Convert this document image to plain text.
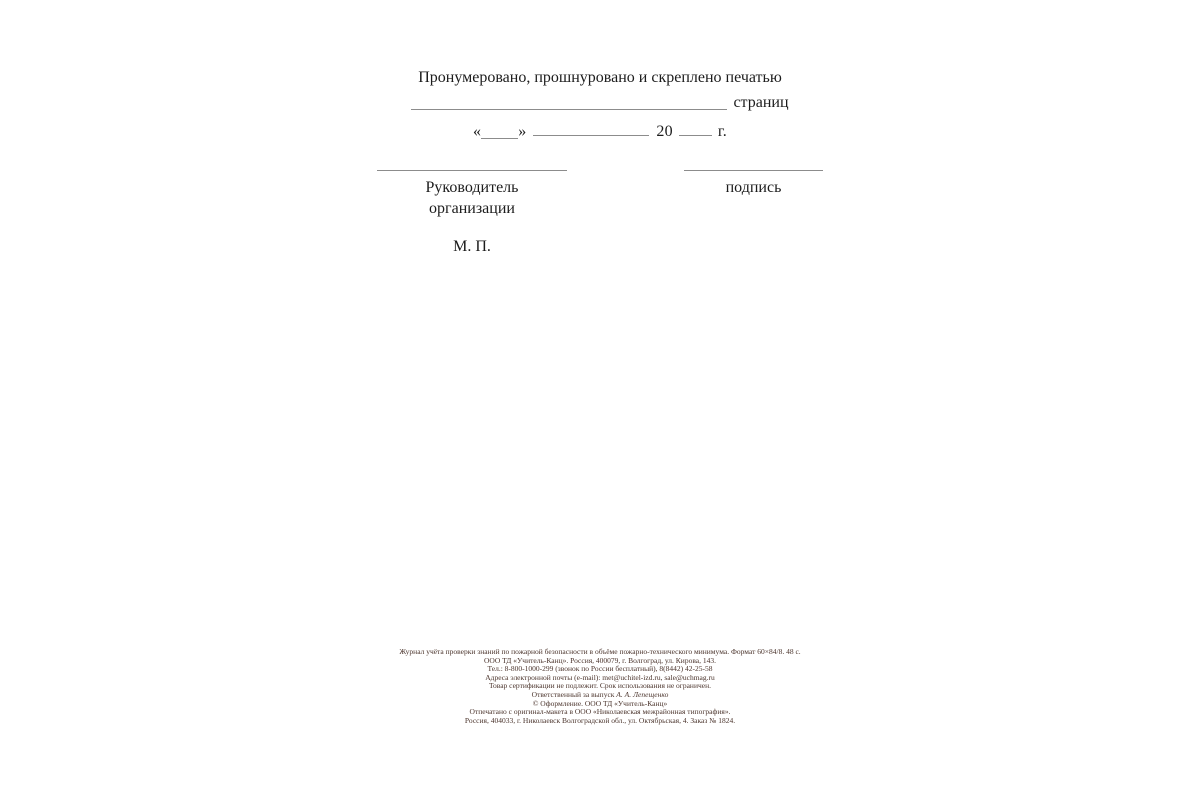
Пронумеровано, прошнуровано и скреплено печатью
страниц
« »	20	г.
Руководитель
организации
М. П.
подпись
Журнал учёта проверки знаний по пожарной безопасности в объёме пожарно-технического минимума. Формат 60×84/8. 48 с.
ООО ТД «Учитель-Канц». Россия, 400079, г. Волгоград, ул. Кирова, 143.
Тел.: 8-800-1000-299 (звонок по России бесплатный), 8(8442) 42-25-58
Адреса электронной почты (e-mail): met@uchitel-izd.ru, sale@uchmag.ru
Товар сертификации не подлежит. Срок использования не ограничен.
Ответственный за выпуск А. А. Лепещенко
© Оформление. ООО ТД «Учитель-Канц»
Отпечатано с оригинал-макета в ООО «Николаевская межрайонная типография».
Россия, 404033, г. Николаевск Волгоградской обл., ул. Октябрьская, 4. Заказ № 1824.
